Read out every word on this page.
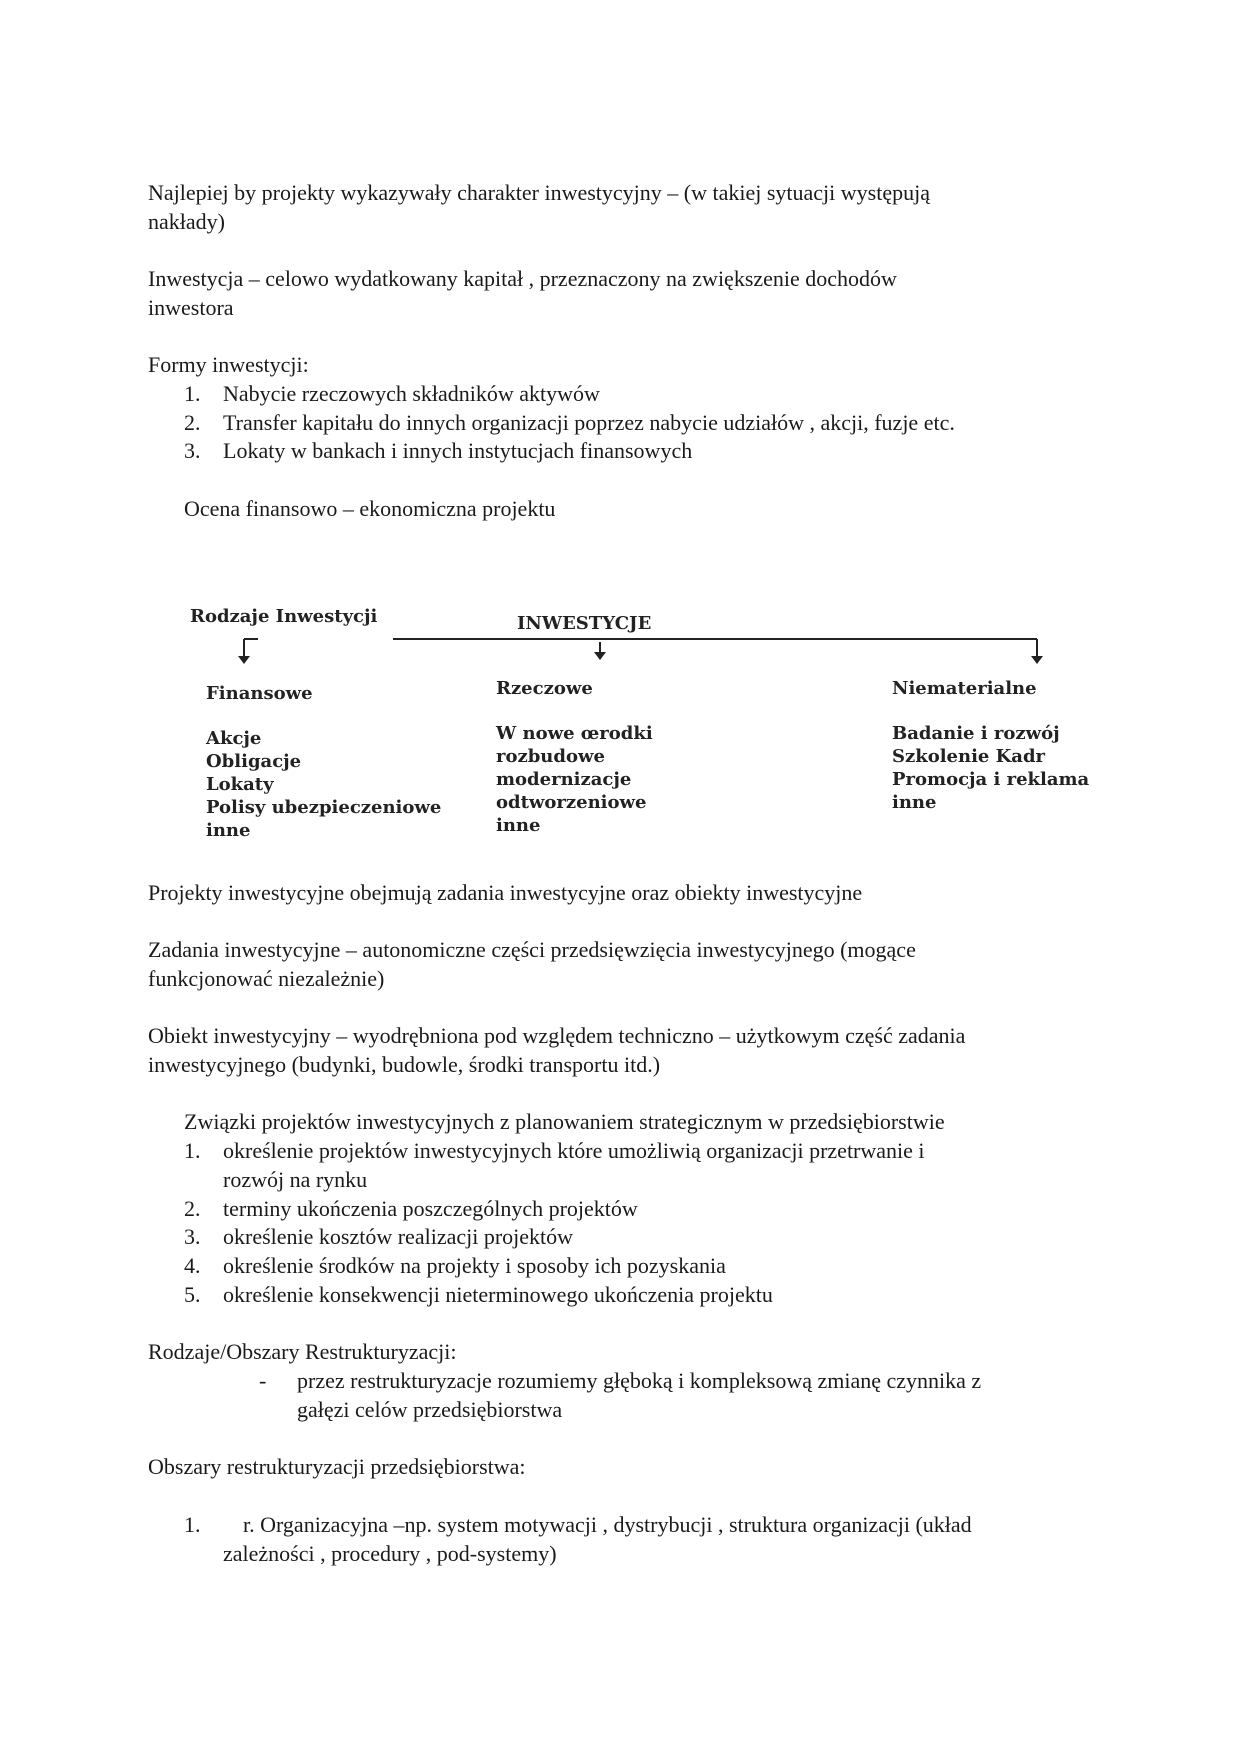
Najlepiej by projekty wykazywały charakter inwestycyjny – (w takiej sytuacji występują

nakłady)

Inwestycja – celowo wydatkowany kapitał , przeznaczony na zwiększenie dochodów

inwestora

Formy inwestycji:

1. Nabycie rzeczowych składników aktywów

2. Transfer kapitału do innych organizacji poprzez nabycie udziałów , akcji, fuzje etc.

3. Lokaty w bankach i innych instytucjach finansowych

Ocena finansowo – ekonomiczna projektu

Rodzaje Inwestycji	INWESTYCJE
Finansowe
Akcje
Obligacje
Lokaty
Polisy ubezpieczeniowe
inne
Rzeczowe
W nowe œrodki
rozbudowe
modernizacje
odtworzeniowe
inne
Niematerialne
Badanie i rozwój
Szkolenie Kadr
Promocja i reklama
inne

Projekty inwestycyjne obejmują zadania inwestycyjne oraz obiekty inwestycyjne

Zadania inwestycyjne – autonomiczne części przedsięwzięcia inwestycyjnego (mogące

funkcjonować niezależnie)

Obiekt inwestycyjny – wyodrębniona pod względem techniczno – użytkowym część zadania

inwestycyjnego (budynki, budowle, środki transportu itd.)

Związki projektów inwestycyjnych z planowaniem strategicznym w przedsiębiorstwie

1. określenie projektów inwestycyjnych które umożliwią organizacji przetrwanie i

rozwój na rynku

2. terminy ukończenia poszczególnych projektów

3. określenie kosztów realizacji projektów

4. określenie środków na projekty i sposoby ich pozyskania

5. określenie konsekwencji nieterminowego ukończenia projektu

Rodzaje/Obszary Restrukturyzacji:

- przez restrukturyzacje rozumiemy głęboką i kompleksową zmianę czynnika z

gałęzi celów przedsiębiorstwa

Obszary restrukturyzacji przedsiębiorstwa:

1. r. Organizacyjna –np. system motywacji , dystrybucji , struktura organizacji (układ

zależności , procedury , pod-systemy)
